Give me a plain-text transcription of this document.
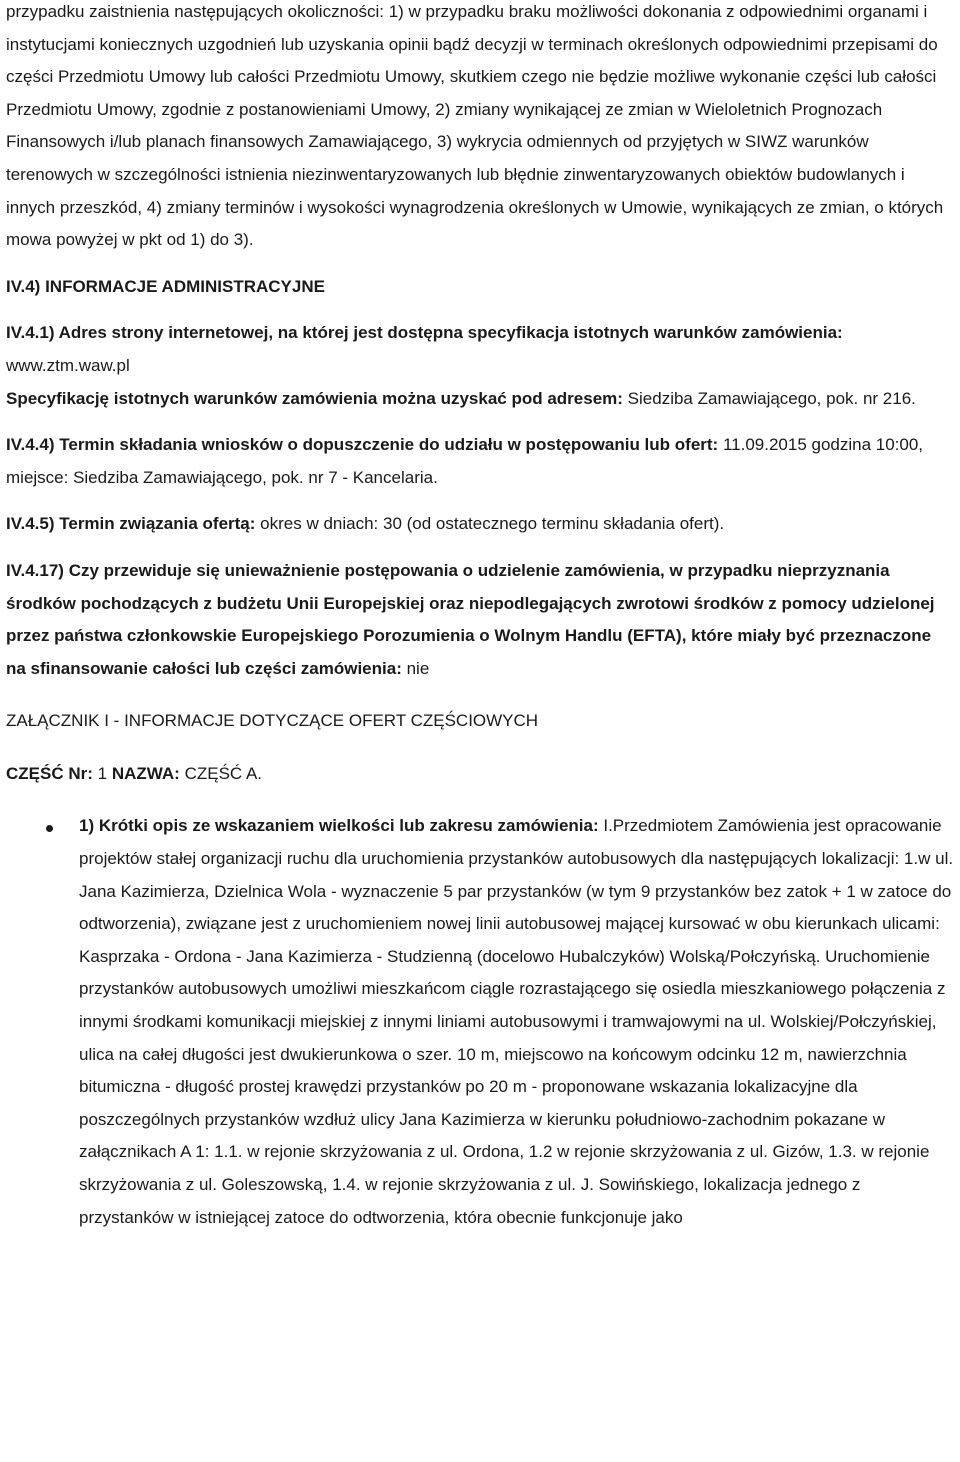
przypadku zaistnienia następujących okoliczności: 1) w przypadku braku możliwości dokonania z odpowiednimi organami i instytucjami koniecznych uzgodnień lub uzyskania opinii bądź decyzji w terminach określonych odpowiednimi przepisami do części Przedmiotu Umowy lub całości Przedmiotu Umowy, skutkiem czego nie będzie możliwe wykonanie części lub całości Przedmiotu Umowy, zgodnie z postanowieniami Umowy, 2) zmiany wynikającej ze zmian w Wieloletnich Prognozach Finansowych i/lub planach finansowych Zamawiającego, 3) wykrycia odmiennych od przyjętych w SIWZ warunków terenowych w szczególności istnienia niezinwentaryzowanych lub błędnie zinwentaryzowanych obiektów budowlanych i innych przeszkód, 4) zmiany terminów i wysokości wynagrodzenia określonych w Umowie, wynikających ze zmian, o których mowa powyżej w pkt od 1) do 3).

IV.4) INFORMACJE ADMINISTRACYJNE

IV.4.1) Adres strony internetowej, na której jest dostępna specyfikacja istotnych warunków zamówienia: www.ztm.waw.pl

Specyfikację istotnych warunków zamówienia można uzyskać pod adresem: Siedziba Zamawiającego, pok. nr 216.

IV.4.4) Termin składania wniosków o dopuszczenie do udziału w postępowaniu lub ofert: 11.09.2015 godzina 10:00, miejsce: Siedziba Zamawiającego, pok. nr 7 - Kancelaria.

IV.4.5) Termin związania ofertą: okres w dniach: 30 (od ostatecznego terminu składania ofert).

IV.4.17) Czy przewiduje się unieważnienie postępowania o udzielenie zamówienia, w przypadku nieprzyznania środków pochodzących z budżetu Unii Europejskiej oraz niepodlegających zwrotowi środków z pomocy udzielonej przez państwa członkowskie Europejskiego Porozumienia o Wolnym Handlu (EFTA), które miały być przeznaczone na sfinansowanie całości lub części zamówienia: nie

ZAŁĄCZNIK I - INFORMACJE DOTYCZĄCE OFERT CZĘŚCIOWYCH

CZĘŚĆ Nr: 1 NAZWA: CZĘŚĆ A.

1) Krótki opis ze wskazaniem wielkości lub zakresu zamówienia: I.Przedmiotem Zamówienia jest opracowanie projektów stałej organizacji ruchu dla uruchomienia przystanków autobusowych dla następujących lokalizacji: 1.w ul. Jana Kazimierza, Dzielnica Wola - wyznaczenie 5 par przystanków (w tym 9 przystanków bez zatok + 1 w zatoce do odtworzenia), związane jest z uruchomieniem nowej linii autobusowej mającej kursować w obu kierunkach ulicami: Kasprzaka - Ordona - Jana Kazimierza - Studzienną (docelowo Hubalczyków) Wolską/Połczyńską. Uruchomienie przystanków autobusowych umożliwi mieszkańcom ciągle rozrastającego się osiedla mieszkaniowego połączenia z innymi środkami komunikacji miejskiej z innymi liniami autobusowymi i tramwajowymi na ul. Wolskiej/Połczyńskiej, ulica na całej długości jest dwukierunkowa o szer. 10 m, miejscowo na końcowym odcinku 12 m, nawierzchnia bitumiczna - długość prostej krawędzi przystanków po 20 m - proponowane wskazania lokalizacyjne dla poszczególnych przystanków wzdłuż ulicy Jana Kazimierza w kierunku południowo-zachodnim pokazane w załącznikach A 1: 1.1. w rejonie skrzyżowania z ul. Ordona, 1.2 w rejonie skrzyżowania z ul. Gizów, 1.3. w rejonie skrzyżowania z ul. Goleszowską, 1.4. w rejonie skrzyżowania z ul. J. Sowińskiego, lokalizacja jednego z przystanków w istniejącej zatoce do odtworzenia, która obecnie funkcjonuje jako
